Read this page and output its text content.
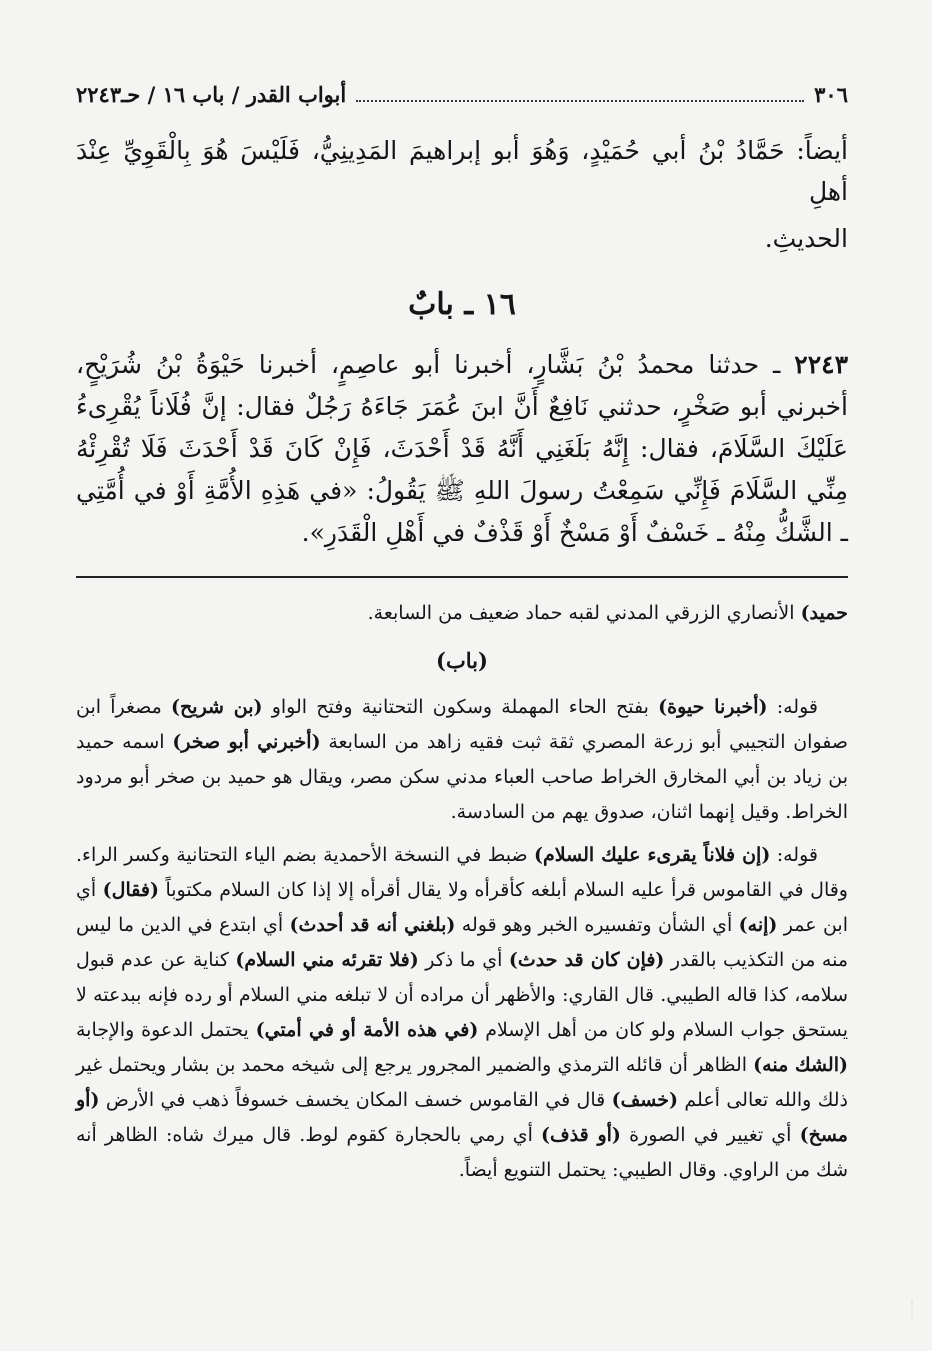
٣٠٦
أبواب القدر / باب ١٦ / حـ٢٢٤٣

أيضاً: حَمَّادُ بْنُ أبي حُمَيْدٍ، وَهُوَ أبو إبراهيمَ المَدِينِيُّ، فَلَيْسَ هُوَ بِالْقَوِيِّ عِنْدَ أهلِ

الحديثِ.

١٦ ـ بابٌ
٢٢٤٣ ـ حدثنا محمدُ بْنُ بَشَّارٍ، أخبرنا أبو عاصِمٍ، أخبرنا حَيْوَةُ بْنُ شُرَيْحٍ، أخبرني أبو صَخْرٍ، حدثني نَافِعٌ أَنَّ ابنَ عُمَرَ جَاءَهُ رَجُلٌ فقال: إنَّ فُلَاناً يُقْرِىءُ عَلَيْكَ السَّلَامَ، فقال: إِنَّهُ بَلَغَنِي أَنَّهُ قَدْ أَحْدَثَ، فَإِنْ كَانَ قَدْ أَحْدَثَ فَلَا تُقْرِئْهُ مِنِّي السَّلَامَ فَإِنِّي سَمِعْتُ رسولَ اللهِ ﷺ يَقُولُ: «في هَذِهِ الأُمَّةِ أَوْ في أُمَّتِي ـ الشَّكُّ مِنْهُ ـ خَسْفٌ أَوْ مَسْخٌ أَوْ قَذْفٌ في أَهْلِ الْقَدَرِ».

حميد) الأنصاري الزرقي المدني لقبه حماد ضعيف من السابعة.

(باب)

قوله: (أخبرنا حيوة) بفتح الحاء المهملة وسكون التحتانية وفتح الواو (بن شريح) مصغراً ابن صفوان التجيبي أبو زرعة المصري ثقة ثبت فقيه زاهد من السابعة (أخبرني أبو صخر) اسمه حميد بن زياد بن أبي المخارق الخراط صاحب العباء مدني سكن مصر، ويقال هو حميد بن صخر أبو مردود الخراط. وقيل إنهما اثنان، صدوق يهم من السادسة.

قوله: (إن فلاناً يقرىء عليك السلام) ضبط في النسخة الأحمدية بضم الياء التحتانية وكسر الراء. وقال في القاموس قرأ عليه السلام أبلغه كأقرأه ولا يقال أقرأه إلا إذا كان السلام مكتوباً (فقال) أي ابن عمر (إنه) أي الشأن وتفسيره الخبر وهو قوله (بلغني أنه قد أحدث) أي ابتدع في الدين ما ليس منه من التكذيب بالقدر (فإن كان قد حدث) أي ما ذكر (فلا تقرئه مني السلام) كناية عن عدم قبول سلامه، كذا قاله الطيبي. قال القاري: والأظهر أن مراده أن لا تبلغه مني السلام أو رده فإنه ببدعته لا يستحق جواب السلام ولو كان من أهل الإسلام (في هذه الأمة أو في أمتي) يحتمل الدعوة والإجابة (الشك منه) الظاهر أن قائله الترمذي والضمير المجرور يرجع إلى شيخه محمد بن بشار ويحتمل غير ذلك والله تعالى أعلم (خسف) قال في القاموس خسف المكان يخسف خسوفاً ذهب في الأرض (أو مسخ) أي تغيير في الصورة (أو قذف) أي رمي بالحجارة كقوم لوط. قال ميرك شاه: الظاهر أنه شك من الراوي. وقال الطيبي: يحتمل التنويع أيضاً.

⋮ ⋮ ⋮
